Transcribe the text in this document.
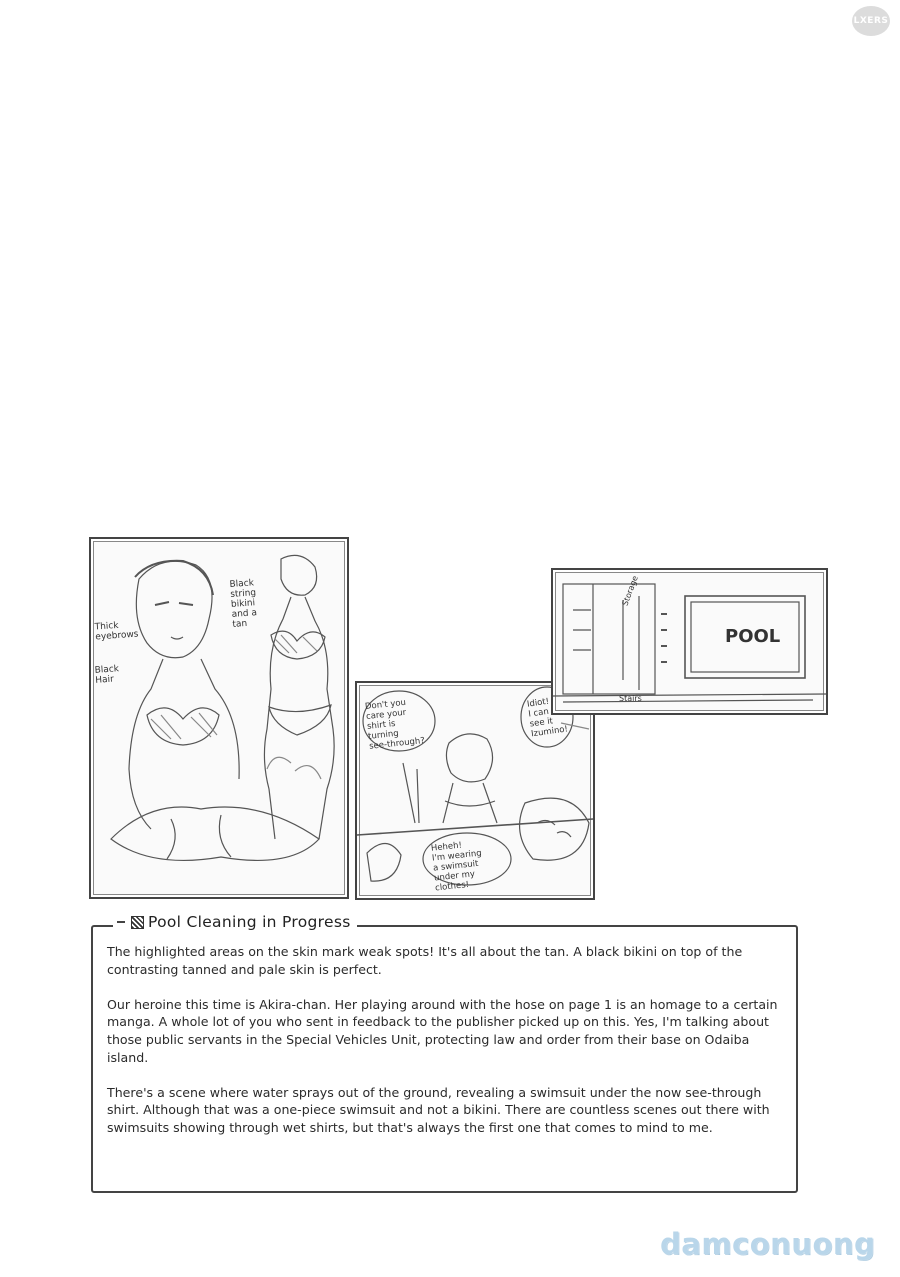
LXERS
Thick
eyebrows
Black
Hair
Black
string
bikini
and a
tan
Don't you
care your
shirt is
turning
see-through?
Idiot!
I can
see it
Izumino!
Heheh!
I'm wearing
a swimsuit
under my
clothes!
POOL
Storage
Stairs
Pool Cleaning in Progress

The highlighted areas on the skin mark weak spots! It's all about the tan. A black bikini on top of the contrasting tanned and pale skin is perfect.

Our heroine this time is Akira-chan. Her playing around with the hose on page 1 is an homage to a certain manga. A whole lot of you who sent in feedback to the publisher picked up on this. Yes, I'm talking about those public servants in the Special Vehicles Unit, protecting law and order from their base on Odaiba island.

There's a scene where water sprays out of the ground, revealing a swimsuit under the now see-through shirt. Although that was a one-piece swimsuit and not a bikini. There are countless scenes out there with swimsuits showing through wet shirts, but that's always the first one that comes to mind to me.

damconuong
